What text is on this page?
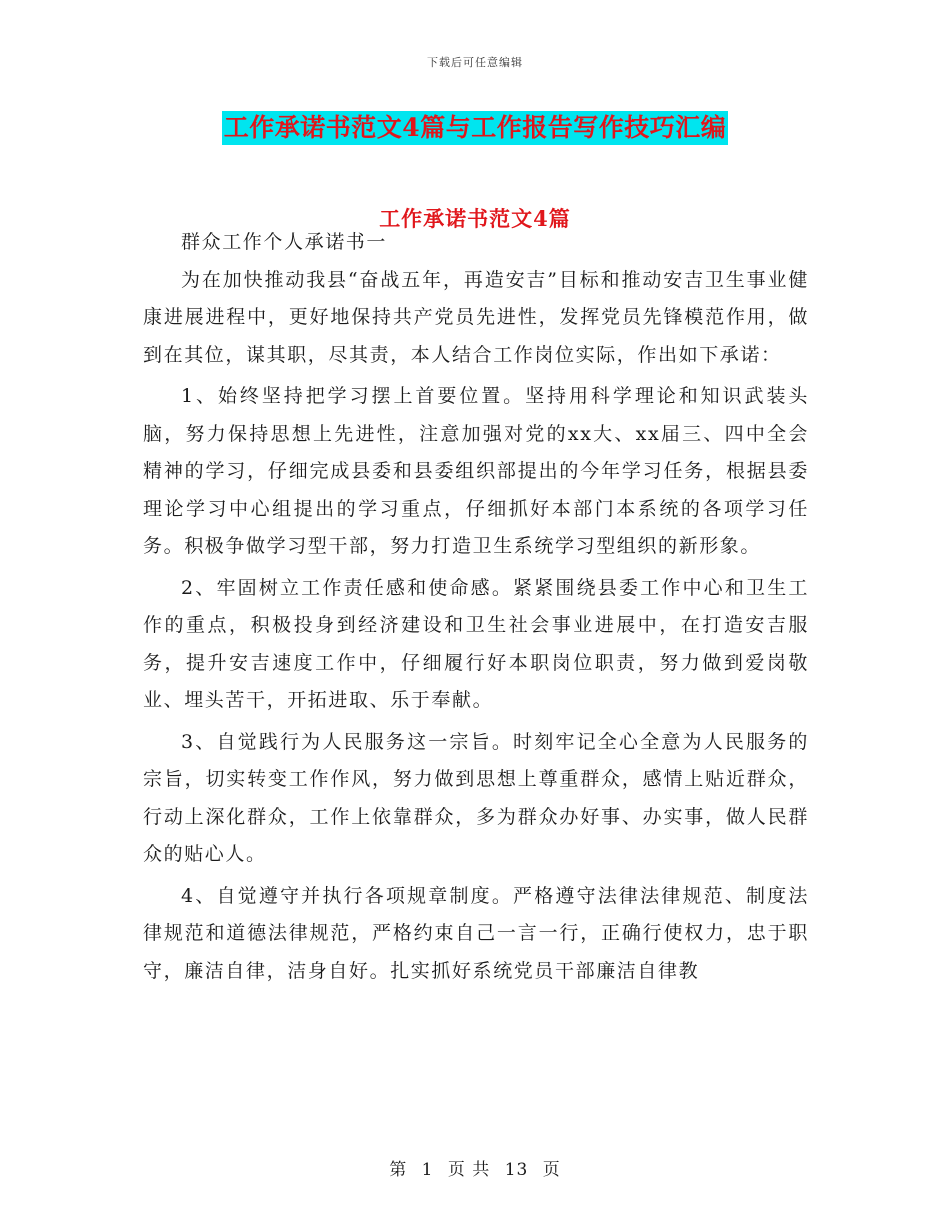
下载后可任意编辑
工作承诺书范文4篇与工作报告写作技巧汇编
工作承诺书范文4篇

群众工作个人承诺书一

为在加快推动我县“奋战五年，再造安吉”目标和推动安吉卫生事业健康进展进程中，更好地保持共产党员先进性，发挥党员先锋模范作用，做到在其位，谋其职，尽其责，本人结合工作岗位实际，作出如下承诺：

1、始终坚持把学习摆上首要位置。坚持用科学理论和知识武装头脑，努力保持思想上先进性，注意加强对党的xx大、xx届三、四中全会精神的学习，仔细完成县委和县委组织部提出的今年学习任务，根据县委理论学习中心组提出的学习重点，仔细抓好本部门本系统的各项学习任务。积极争做学习型干部，努力打造卫生系统学习型组织的新形象。

2、牢固树立工作责任感和使命感。紧紧围绕县委工作中心和卫生工作的重点，积极投身到经济建设和卫生社会事业进展中，在打造安吉服务，提升安吉速度工作中，仔细履行好本职岗位职责，努力做到爱岗敬业、埋头苦干，开拓进取、乐于奉献。

3、自觉践行为人民服务这一宗旨。时刻牢记全心全意为人民服务的宗旨，切实转变工作作风，努力做到思想上尊重群众，感情上贴近群众，行动上深化群众，工作上依靠群众，多为群众办好事、办实事，做人民群众的贴心人。

4、自觉遵守并执行各项规章制度。严格遵守法律法律规范、制度法律规范和道德法律规范，严格约束自己一言一行，正确行使权力，忠于职守，廉洁自律，洁身自好。扎实抓好系统党员干部廉洁自律教

第 1 页 共 13 页
